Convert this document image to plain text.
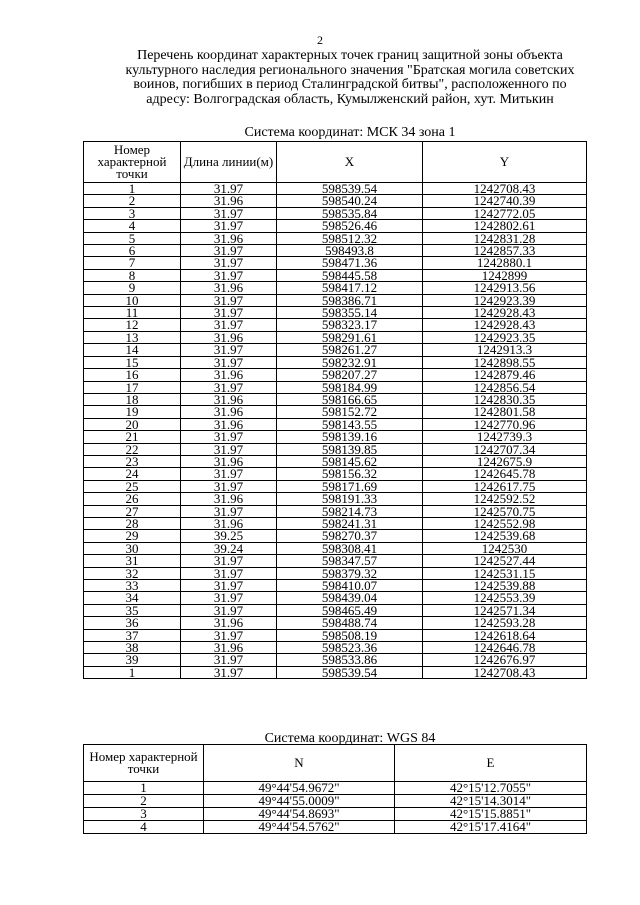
2
Перечень координат характерных точек границ защитной зоны объекта
культурного наследия регионального значения "Братская могила советских
воинов, погибших в период Сталинградской битвы", расположенного по
адресу: Волгоградская область, Кумылженский район, хут. Митькин
Система координат: МСК 34 зона 1
Номер характерной точки	Длина линии(м)	X	Y
1	31.97	598539.54	1242708.43
2	31.96	598540.24	1242740.39
3	31.97	598535.84	1242772.05
4	31.97	598526.46	1242802.61
5	31.96	598512.32	1242831.28
6	31.97	598493.8	1242857.33
7	31.97	598471.36	1242880.1
8	31.97	598445.58	1242899
9	31.96	598417.12	1242913.56
10	31.97	598386.71	1242923.39
11	31.97	598355.14	1242928.43
12	31.97	598323.17	1242928.43
13	31.96	598291.61	1242923.35
14	31.97	598261.27	1242913.3
15	31.97	598232.91	1242898.55
16	31.96	598207.27	1242879.46
17	31.97	598184.99	1242856.54
18	31.96	598166.65	1242830.35
19	31.96	598152.72	1242801.58
20	31.96	598143.55	1242770.96
21	31.97	598139.16	1242739.3
22	31.97	598139.85	1242707.34
23	31.96	598145.62	1242675.9
24	31.97	598156.32	1242645.78
25	31.97	598171.69	1242617.75
26	31.96	598191.33	1242592.52
27	31.97	598214.73	1242570.75
28	31.96	598241.31	1242552.98
29	39.25	598270.37	1242539.68
30	39.24	598308.41	1242530
31	31.97	598347.57	1242527.44
32	31.97	598379.32	1242531.15
33	31.97	598410.07	1242539.88
34	31.97	598439.04	1242553.39
35	31.97	598465.49	1242571.34
36	31.96	598488.74	1242593.28
37	31.97	598508.19	1242618.64
38	31.96	598523.36	1242646.78
39	31.97	598533.86	1242676.97
1	31.97	598539.54	1242708.43
Система координат: WGS 84
Номер характерной точки	N	E
1	49°44'54.9672"	42°15'12.7055"
2	49°44'55.0009"	42°15'14.3014"
3	49°44'54.8693"	42°15'15.8851"
4	49°44'54.5762"	42°15'17.4164"
